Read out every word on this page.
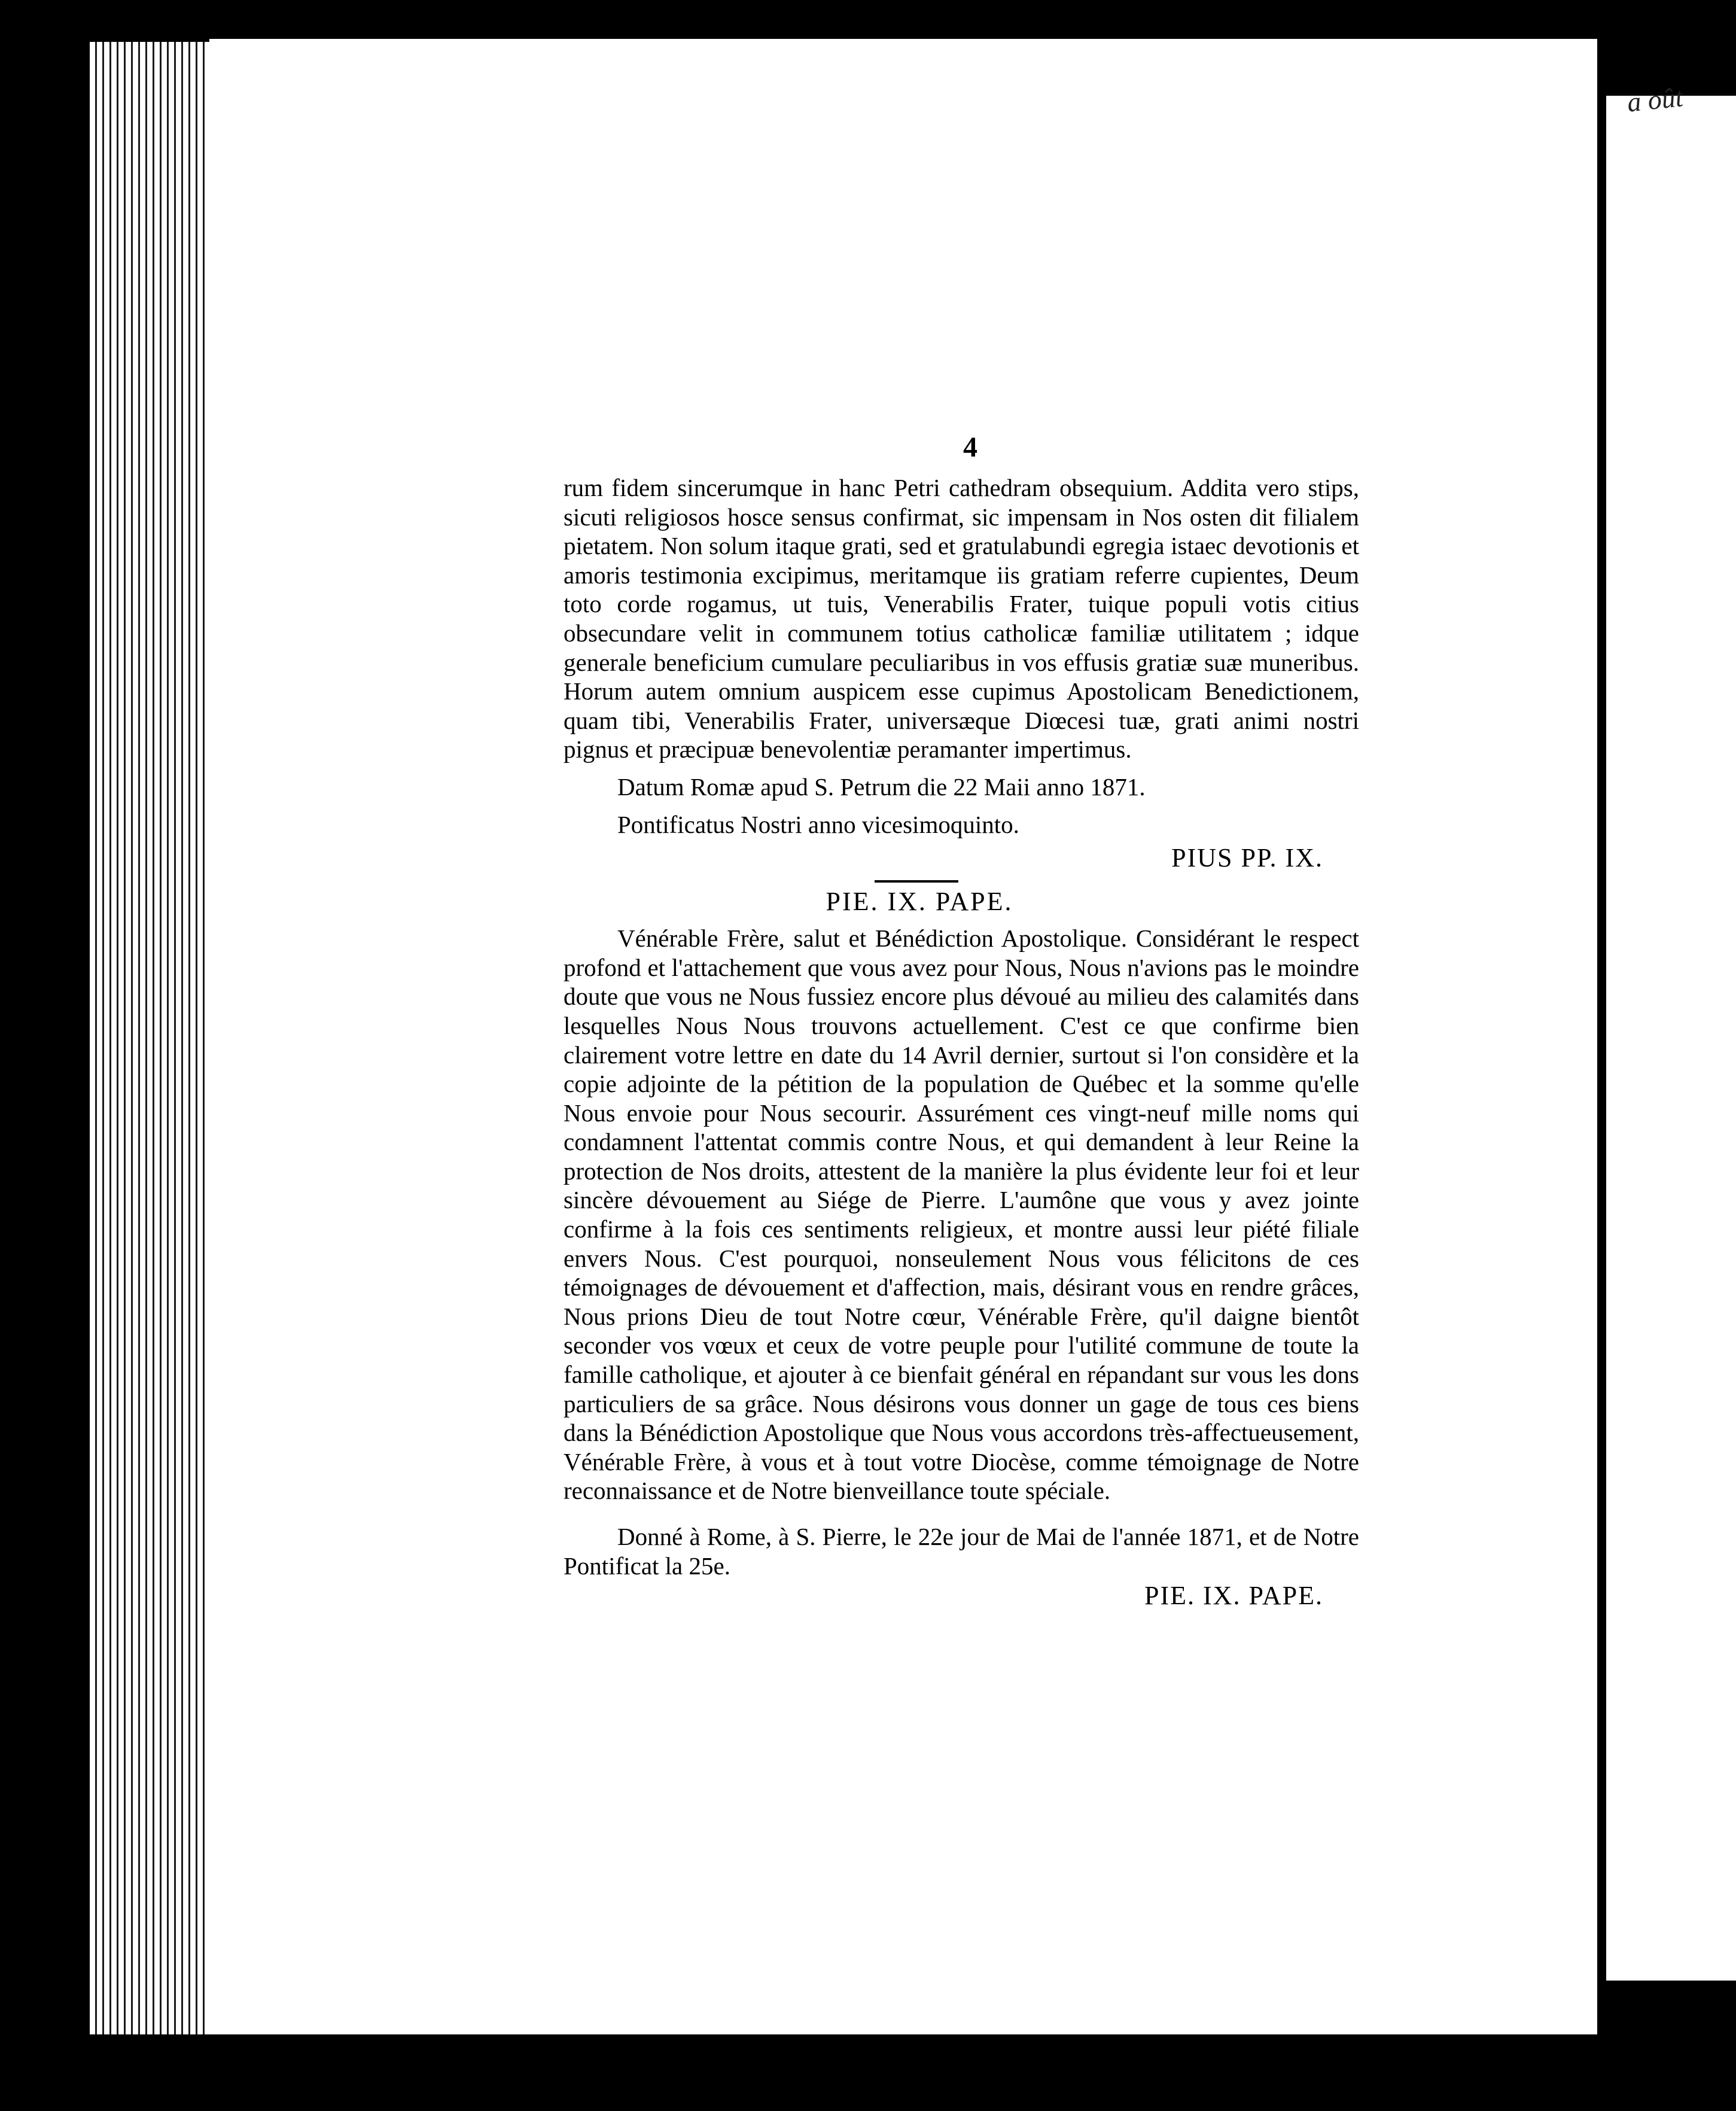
a oût
4

rum fidem sincerumque in hanc Petri cathedram obsequium. Addita vero stips, sicuti religiosos hosce sensus confirmat, sic impensam in Nos osten dit filialem pietatem. Non solum itaque grati, sed et gratulabundi egregia istaec devotionis et amoris testimonia excipimus, meritamque iis gratiam referre cupientes, Deum toto corde rogamus, ut tuis, Venerabilis Frater, tuique populi votis citius obsecundare velit in communem totius catholicæ familiæ utilitatem ; idque generale beneficium cumulare peculiaribus in vos effusis gratiæ suæ muneribus. Horum autem omnium auspicem esse cupimus Apostolicam Benedictionem, quam tibi, Venerabilis Frater, universæque Diœcesi tuæ, grati animi nostri pignus et præcipuæ benevolentiæ peramanter impertimus.

Datum Romæ apud S. Petrum die 22 Maii anno 1871.

Pontificatus Nostri anno vicesimoquinto.

PIUS PP. IX.
PIE. IX. PAPE.

Vénérable Frère, salut et Bénédiction Apostolique. Considérant le respect profond et l'attachement que vous avez pour Nous, Nous n'avions pas le moindre doute que vous ne Nous fussiez encore plus dévoué au milieu des calamités dans lesquelles Nous Nous trouvons actuellement. C'est ce que confirme bien clairement votre lettre en date du 14 Avril dernier, surtout si l'on considère et la copie adjointe de la pétition de la population de Québec et la somme qu'elle Nous envoie pour Nous secourir. Assurément ces vingt-neuf mille noms qui condamnent l'attentat commis contre Nous, et qui demandent à leur Reine la protection de Nos droits, attestent de la manière la plus évidente leur foi et leur sincère dévouement au Siége de Pierre. L'aumône que vous y avez jointe confirme à la fois ces sentiments religieux, et montre aussi leur piété filiale envers Nous. C'est pourquoi, nonseulement Nous vous félicitons de ces témoignages de dévouement et d'affection, mais, désirant vous en rendre grâces, Nous prions Dieu de tout Notre cœur, Vénérable Frère, qu'il daigne bientôt seconder vos vœux et ceux de votre peuple pour l'utilité commune de toute la famille catholique, et ajouter à ce bienfait général en répandant sur vous les dons particuliers de sa grâce. Nous désirons vous donner un gage de tous ces biens dans la Bénédiction Apostolique que Nous vous accordons très-affectueusement, Vénérable Frère, à vous et à tout votre Diocèse, comme témoignage de Notre reconnaissance et de Notre bienveillance toute spéciale.

Donné à Rome, à S. Pierre, le 22e jour de Mai de l'année 1871, et de Notre Pontificat la 25e.

PIE. IX. PAPE.
